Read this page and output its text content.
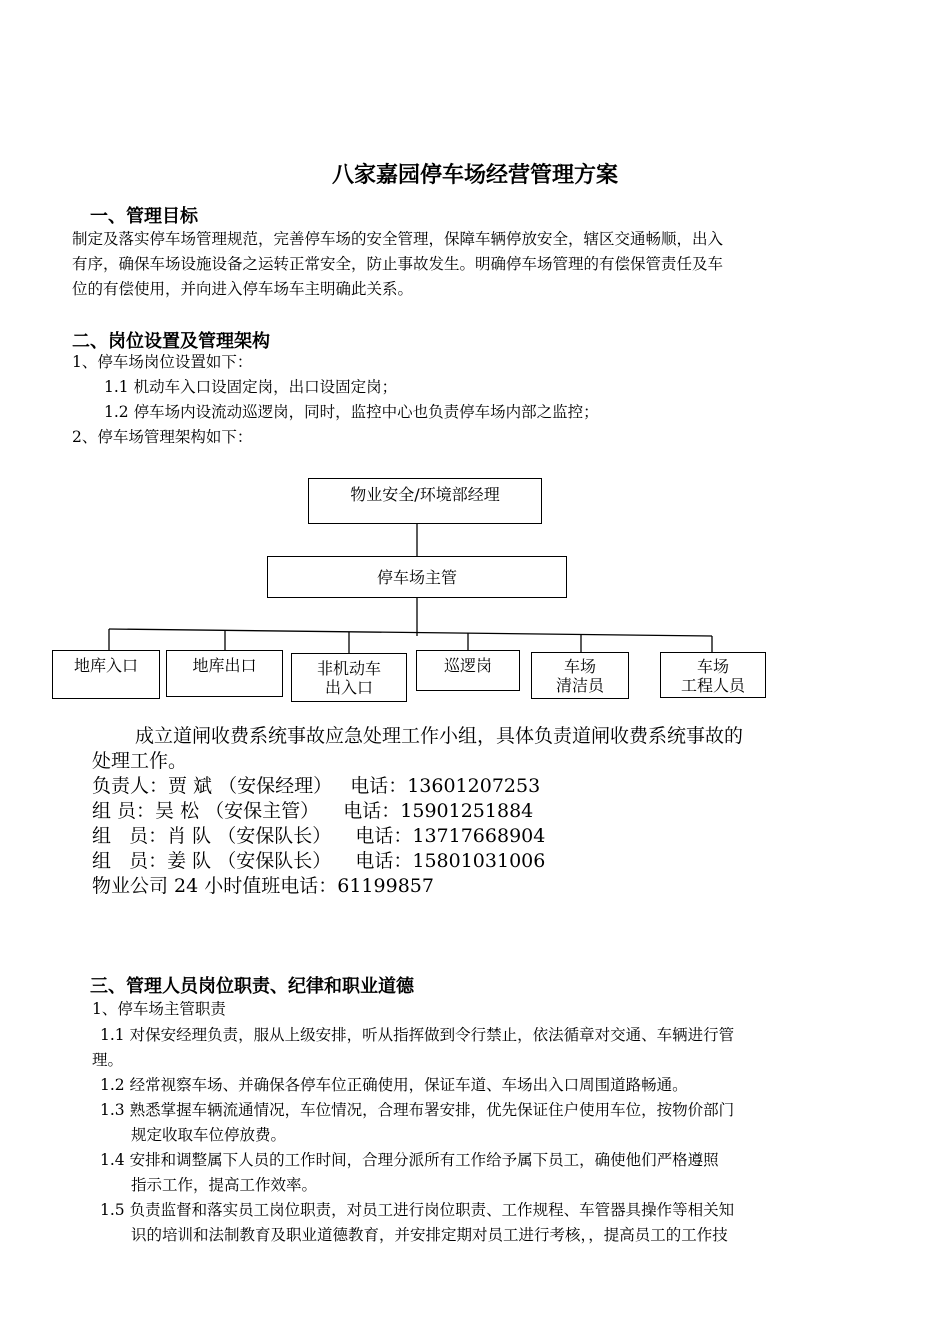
八家嘉园停车场经营管理方案
一、管理目标
制定及落实停车场管理规范，完善停车场的安全管理，保障车辆停放安全，辖区交通畅顺，出入
有序，确保车场设施设备之运转正常安全，防止事故发生。明确停车场管理的有偿保管责任及车
位的有偿使用，并向进入停车场车主明确此关系。
二、岗位设置及管理架构
1、停车场岗位设置如下：
1.1 机动车入口设固定岗，出口设固定岗；
1.2 停车场内设流动巡逻岗，同时，监控中心也负责停车场内部之监控；
2、停车场管理架构如下：
物业安全/环境部经理
停车场主管
地库入口	地库出口	非机动车
出入口
巡逻岗	车场
清洁员
车场
工程人员
成立道闸收费系统事故应急处理工作小组，具体负责道闸收费系统事故的
处理工作。
负责人：贾 斌 （安保经理）   电话：13601207253
组 员：吴 松 （安保主管）    电话：15901251884
组   员：肖 队 （安保队长）    电话：13717668904
组   员：姜 队 （安保队长）    电话：15801031006
物业公司 24 小时值班电话：61199857
三、管理人员岗位职责、纪律和职业道德
1、停车场主管职责
1.1 对保安经理负责，服从上级安排，听从指挥做到令行禁止，依法循章对交通、车辆进行管
理。
1.2 经常视察车场、并确保各停车位正确使用，保证车道、车场出入口周围道路畅通。
1.3 熟悉掌握车辆流通情况，车位情况，合理布署安排，优先保证住户使用车位，按物价部门
规定收取车位停放费。
1.4 安排和调整属下人员的工作时间，合理分派所有工作给予属下员工，确使他们严格遵照
指示工作，提高工作效率。
1.5 负责监督和落实员工岗位职责，对员工进行岗位职责、工作规程、车管器具操作等相关知
识的培训和法制教育及职业道德教育，并安排定期对员工进行考核，，提高员工的工作技
